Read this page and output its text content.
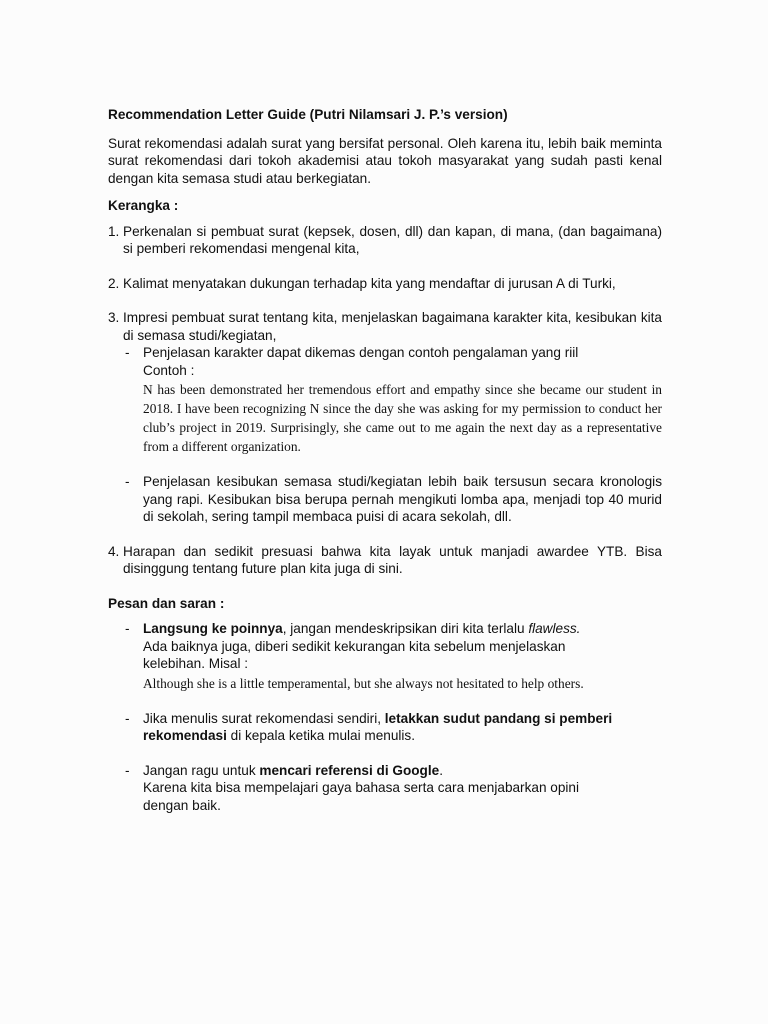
Recommendation Letter Guide (Putri Nilamsari J. P.’s version)

Surat rekomendasi adalah surat yang bersifat personal. Oleh karena itu, lebih baik meminta surat rekomendasi dari tokoh akademisi atau tokoh masyarakat yang sudah pasti kenal dengan kita semasa studi atau berkegiatan.

Kerangka :

1. Perkenalan si pembuat surat (kepsek, dosen, dll) dan kapan, di mana, (dan bagaimana) si pemberi rekomendasi mengenal kita,

2. Kalimat menyatakan dukungan terhadap kita yang mendaftar di jurusan A di Turki,

3. Impresi pembuat surat tentang kita, menjelaskan bagaimana karakter kita, kesibukan kita di semasa studi/kegiatan,

- Penjelasan karakter dapat dikemas dengan contoh pengalaman yang riil

Contoh :

N has been demonstrated her tremendous effort and empathy since she became our student in 2018. I have been recognizing N since the day she was asking for my permission to conduct her club’s project in 2019. Surprisingly, she came out to me again the next day as a representative from a different organization.

- Penjelasan kesibukan semasa studi/kegiatan lebih baik tersusun secara kronologis yang rapi. Kesibukan bisa berupa pernah mengikuti lomba apa, menjadi top 40 murid di sekolah, sering tampil membaca puisi di acara sekolah, dll.

4. Harapan dan sedikit presuasi bahwa kita layak untuk manjadi awardee YTB. Bisa disinggung tentang future plan kita juga di sini.

Pesan dan saran :

- Langsung ke poinnya, jangan mendeskripsikan diri kita terlalu flawless.

Ada baiknya juga, diberi sedikit kekurangan kita sebelum menjelaskan kelebihan. Misal :

Although she is a little temperamental, but she always not hesitated to help others.

- Jika menulis surat rekomendasi sendiri, letakkan sudut pandang si pemberi rekomendasi di kepala ketika mulai menulis.

- Jangan ragu untuk mencari referensi di Google.

Karena kita bisa mempelajari gaya bahasa serta cara menjabarkan opini dengan baik.
